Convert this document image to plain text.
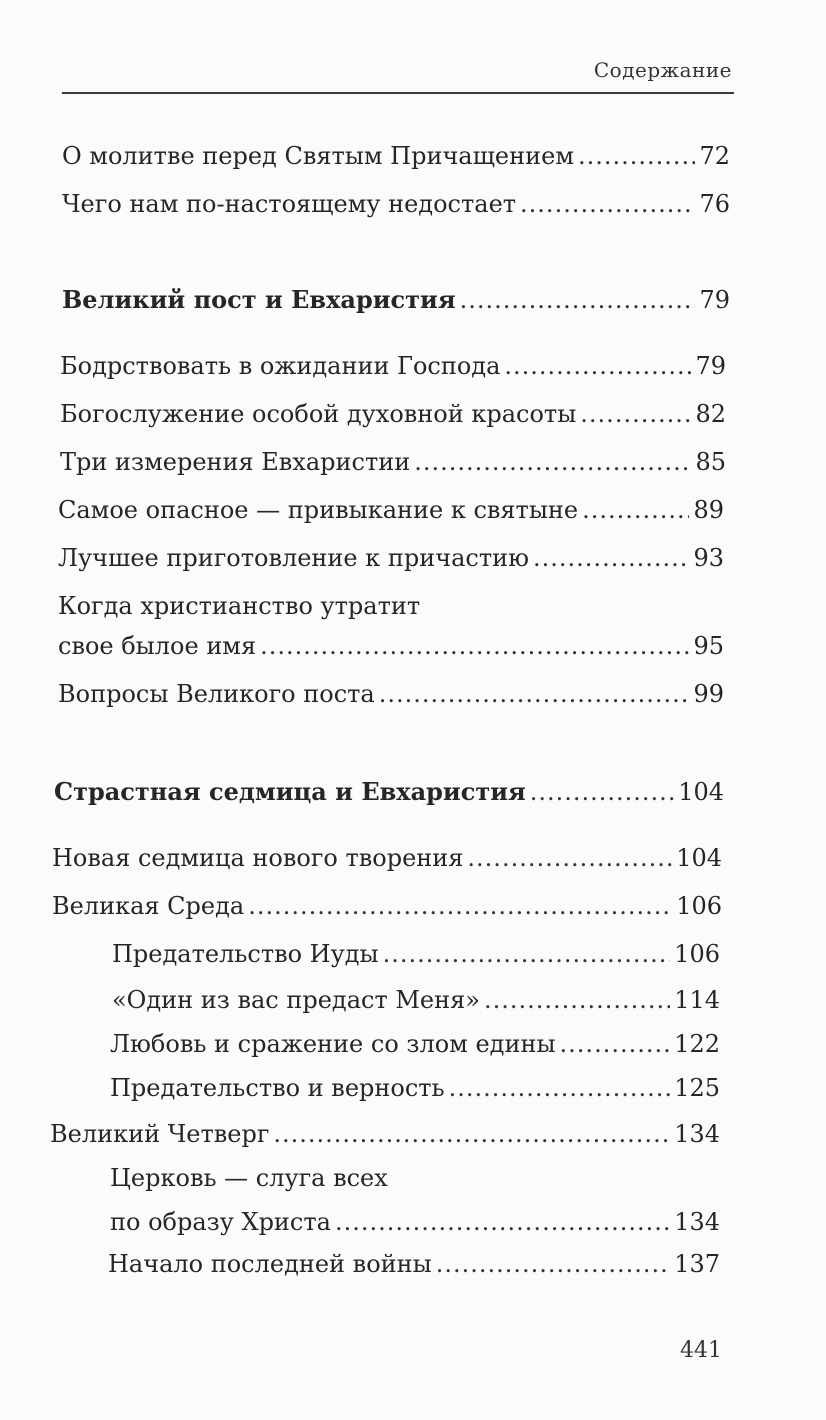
Содержание
О молитве перед Святым Причащением .....	72
Чего нам по-настоящему недостает .....	76
Великий пост и Евхаристия .....	79
Бодрствовать в ожидании Господа .....	79
Богослужение особой духовной красоты .....	82
Три измерения Евхаристии .....	85
Самое опасное — привыкание к святыне .....	89
Лучшее приготовление к причастию .....	93
Когда христианство утратит
свое былое имя .....	95
Вопросы Великого поста .....	99
Страстная седмица и Евхаристия .....	104
Новая седмица нового творения .....	104
Великая Среда .....	106
Предательство Иуды .....	106
«Один из вас предаст Меня» .....	114
Любовь и сражение со злом едины .....	122
Предательство и верность .....	125
Великий Четверг .....	134
Церковь — слуга всех
по образу Христа .....	134
Начало последней войны .....	137
441
